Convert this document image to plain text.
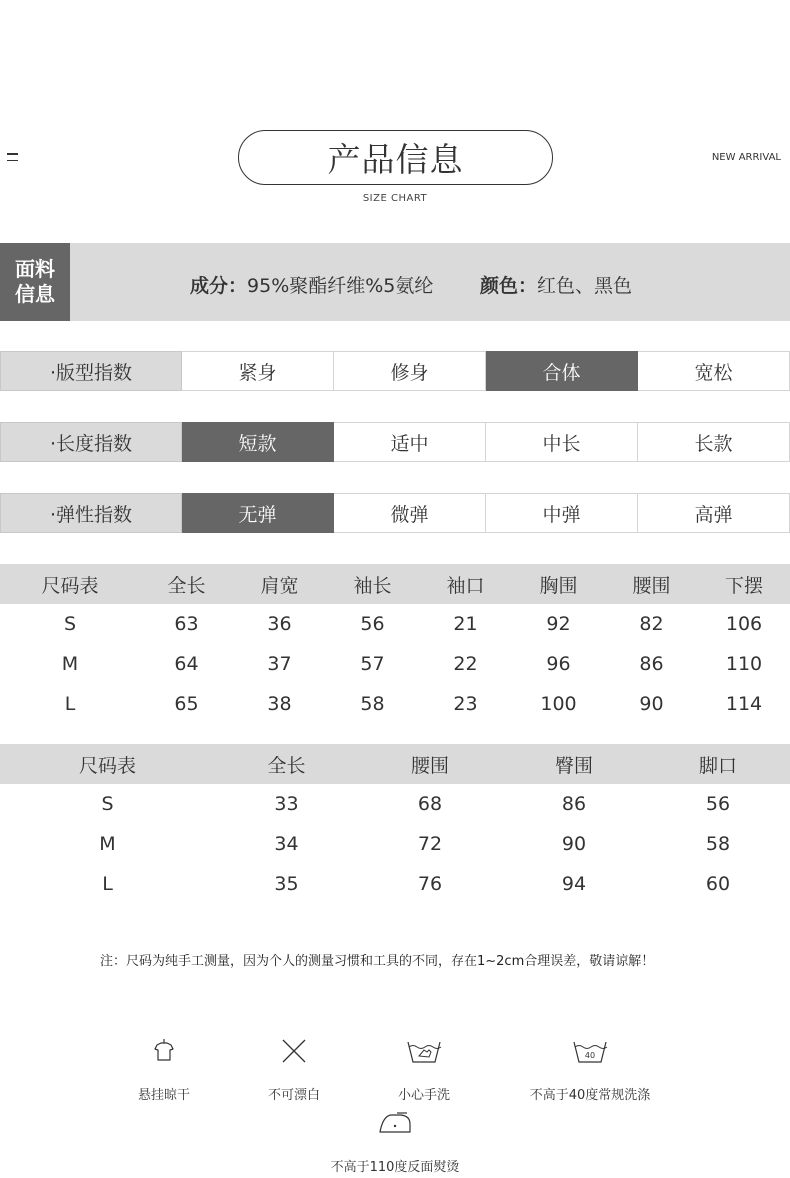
产品信息
SIZE CHART
NEW ARRIVAL
面料
信息	成分：95%聚酯纤维%5氨纶 颜色：红色、黑色
·版型指数	紧身	修身	合体	宽松
·长度指数	短款	适中	中长	长款
·弹性指数	无弹	微弹	中弹	高弹
尺码表	全长	肩宽	袖长	袖口	胸围	腰围	下摆
S	63	36	56	21	92	82	106
M	64	37	57	22	96	86	110
L	65	38	58	23	100	90	114
尺码表	全长	腰围	臀围	脚口
S	33	68	86	56
M	34	72	90	58
L	35	76	94	60
注：尺码为纯手工测量，因为个人的测量习惯和工具的不同，存在1~2cm合理误差，敬请谅解！
悬挂晾干	不可漂白	小心手洗
40
不高于40度常规洗涤
不高于110度反面熨烫
